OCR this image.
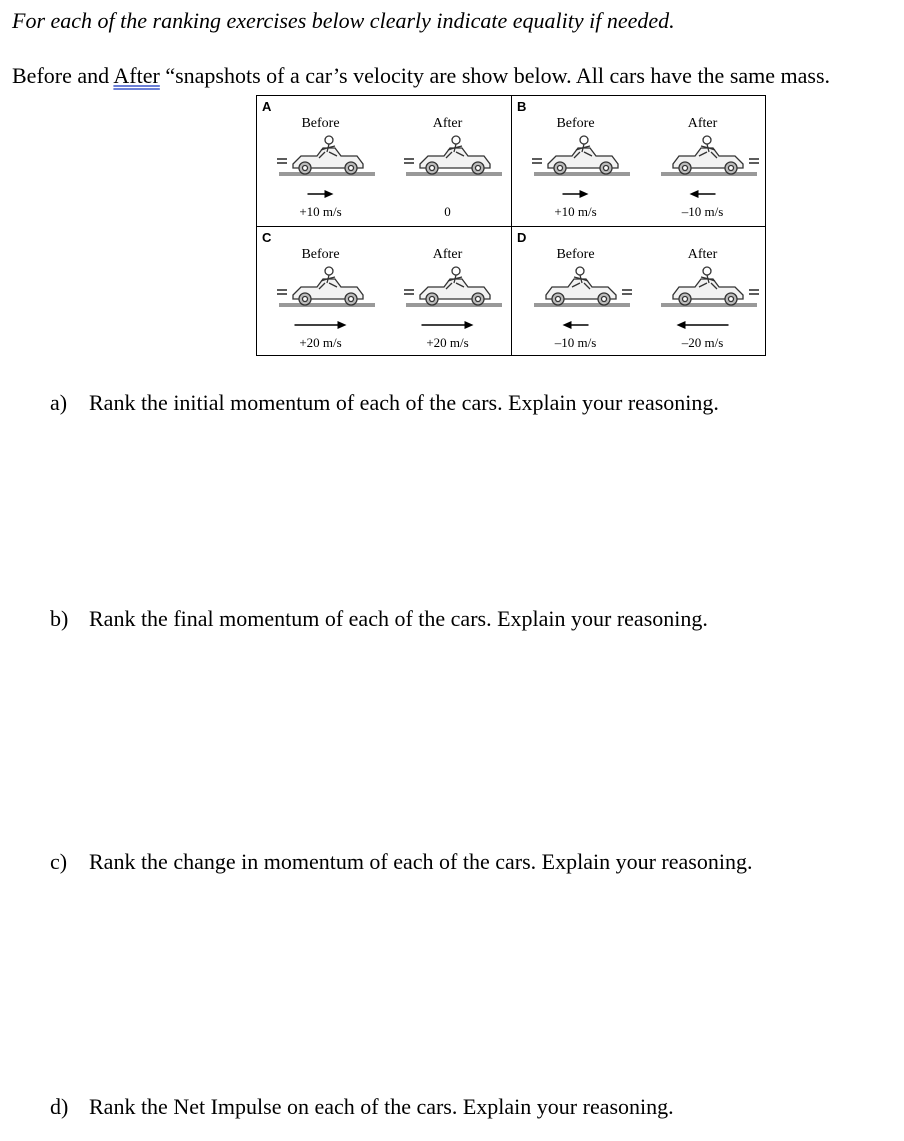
For each of the ranking exercises below clearly indicate equality if needed.
Before and After “snapshots of a car’s velocity are show below. All cars have the same mass.
A
Before
+10 m/s
After
0
B
Before
+10 m/s
After
–10 m/s
C
Before
+20 m/s
After
+20 m/s
D
Before
–10 m/s
After
–20 m/s
a) Rank the initial momentum of each of the cars. Explain your reasoning.
b) Rank the final momentum of each of the cars. Explain your reasoning.
c) Rank the change in momentum of each of the cars. Explain your reasoning.
d) Rank the Net Impulse on each of the cars. Explain your reasoning.
